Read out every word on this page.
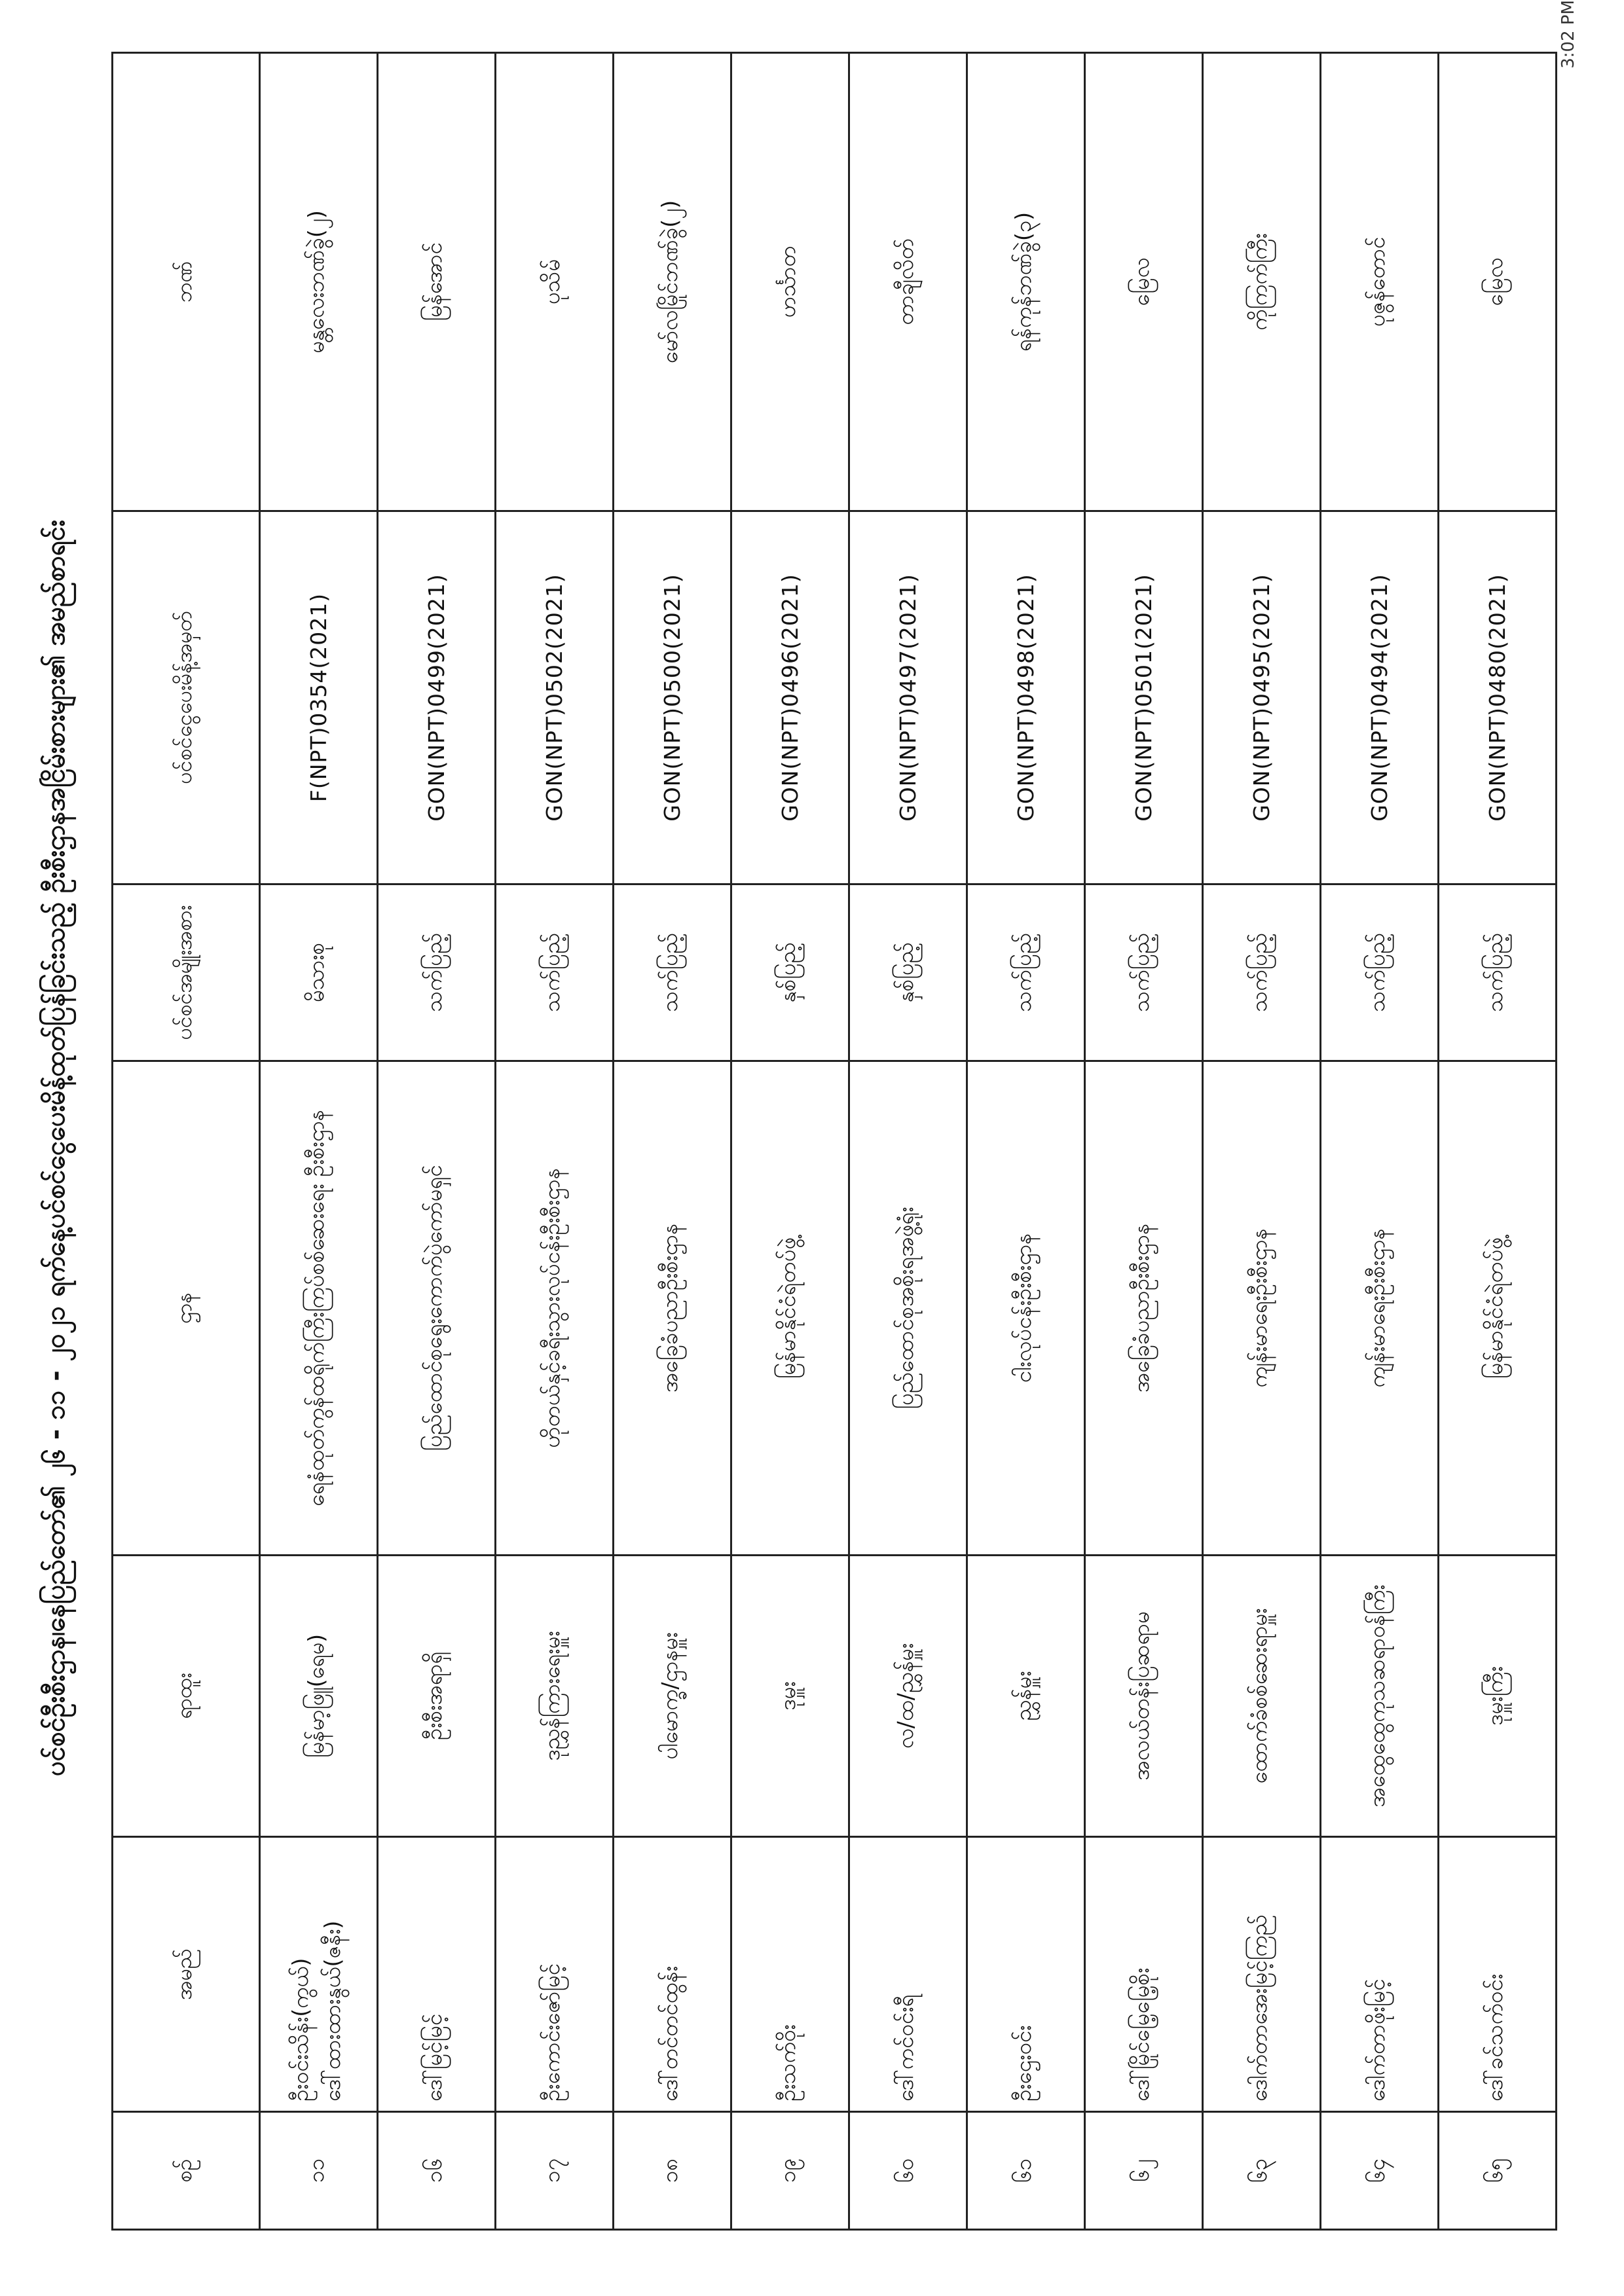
ပင်စင်ဦးစီးဌာန၊နေပြည်တော်၏ ၂၆ - ၁၁ - ၂၀၂၁ ရက်နေ့ပင်စင်ငွေပေးမိန့်ထုတ်ပြန်ခြင်းသည့် ဦးစီးဌာနအငြိမ်းစားများ၏ အမည်စာရင်း
စဉ်	အမည်	ရာထူး	ဌာန	ပင်စင်အမျိုးအစား	ပင်စင်ငွေပေးမိန့်အမှတ်	ဘဏ်
၁၁	ဦးဝင်းသိန်း(ကွယ်) ဒေါ်ထားထားနွယ်(ဇနီး)	မြန်မာ့ဖြူ(ရေမ)	ရေနံထုတ်ကွန်ထရိုက်ကြီးကြပ်စစ်ဆေးရေး ဦးစီးဌာန	မိသားစု	F(NPT)0354(2021)	မန္တလေးဘဏ်ခွဲ(၂)
၁၆	ဒေါ်မြင့်မြင့်	ဦးစီးအရာရှိ	ပြည်ထောင်စုရွေးကောက်ပွဲကော်မရှင်	သက်ပြည့်	GON(NPT)0499(2021)	မြန်အောင်
၁၇	ဦးကောင်းဇော်မြင့်	ဒုညွှန်ကြားရေးမှူး	ဟိုတယ်နှင့်ခရီးသွားလုပ်ငန်းဦးစီးဌာန	သက်ပြည့်	GON(NPT)0502(2021)	ပုသိမ်
၁၈	ဒေါ်တင်တင်ထွန်း	ပါမောက္ခ/ဌာနမှူး	အခြေခံပညာဦးစီးဌာန	သက်ပြည့်	GON(NPT)0500(2021)	မော်လမြိုင်ဘဏ်ခွဲ(၂)
၁၉	ဦးသက်ဝိုး	ဒုမှူး	မြန်မာနိုင်ငံရဲတပ်ဖွဲ့	နှစ်ပြည့်	GON(NPT)0496(2021)	ဟင်္သာတ
၆၀	ဒေါ်ကင်ဝင်းရီ	လ/ထ/ညွှန်မှူး	ပြည်ထောင်စုအစိုးရအဖွဲ့ရုံး	နှစ်ပြည့်	GON(NPT)0497(2021)	တာချီလိတ်
၆၁	ဦးဌေးဝင်း	ညွှန်မှူး	ငါးလုပ်ငန်းဦးစီးဌာန	သက်ပြည့်	GON(NPT)0498(2021)	ရန်ကုန်ဘဏ်ခွဲ(၃)
၆၂	ဒေါ်မြိုင်မြေ့မြေ့စိုး	အလယ်တန်းပြဆရာမ	အခြေခံပညာဦးစီးဌာန	သက်ပြည့်	GON(NPT)0501(2021)	မြေလ
၆၃	ဒေါက်တာအေးမြင့်ကြည်	ထောက်ခံစစ်ဆေးရာမှူး	ကျန်းမာရေးဦးစီးဌာန	သက်ပြည့်	GON(NPT)0495(2021)	ကိုကြက်ကြီး
၆၄	ဒေါက်တာဖိုးမြင့်	အထွေထွေကုသဆရာဝန်ကြီး	ကျန်းမာရေးဦးစီးဌာန	သက်ပြည့်	GON(NPT)0494(2021)	ပုဇွန်တောင်
၆၅	ဒေါ်ခင်သက်ဝင်း	ဒုမှူးကြီး	မြန်မာနိုင်ငံရဲတပ်ဖွဲ့	သက်ပြည့်	GON(NPT)0480(2021)	မြေလ
3:02 PM
